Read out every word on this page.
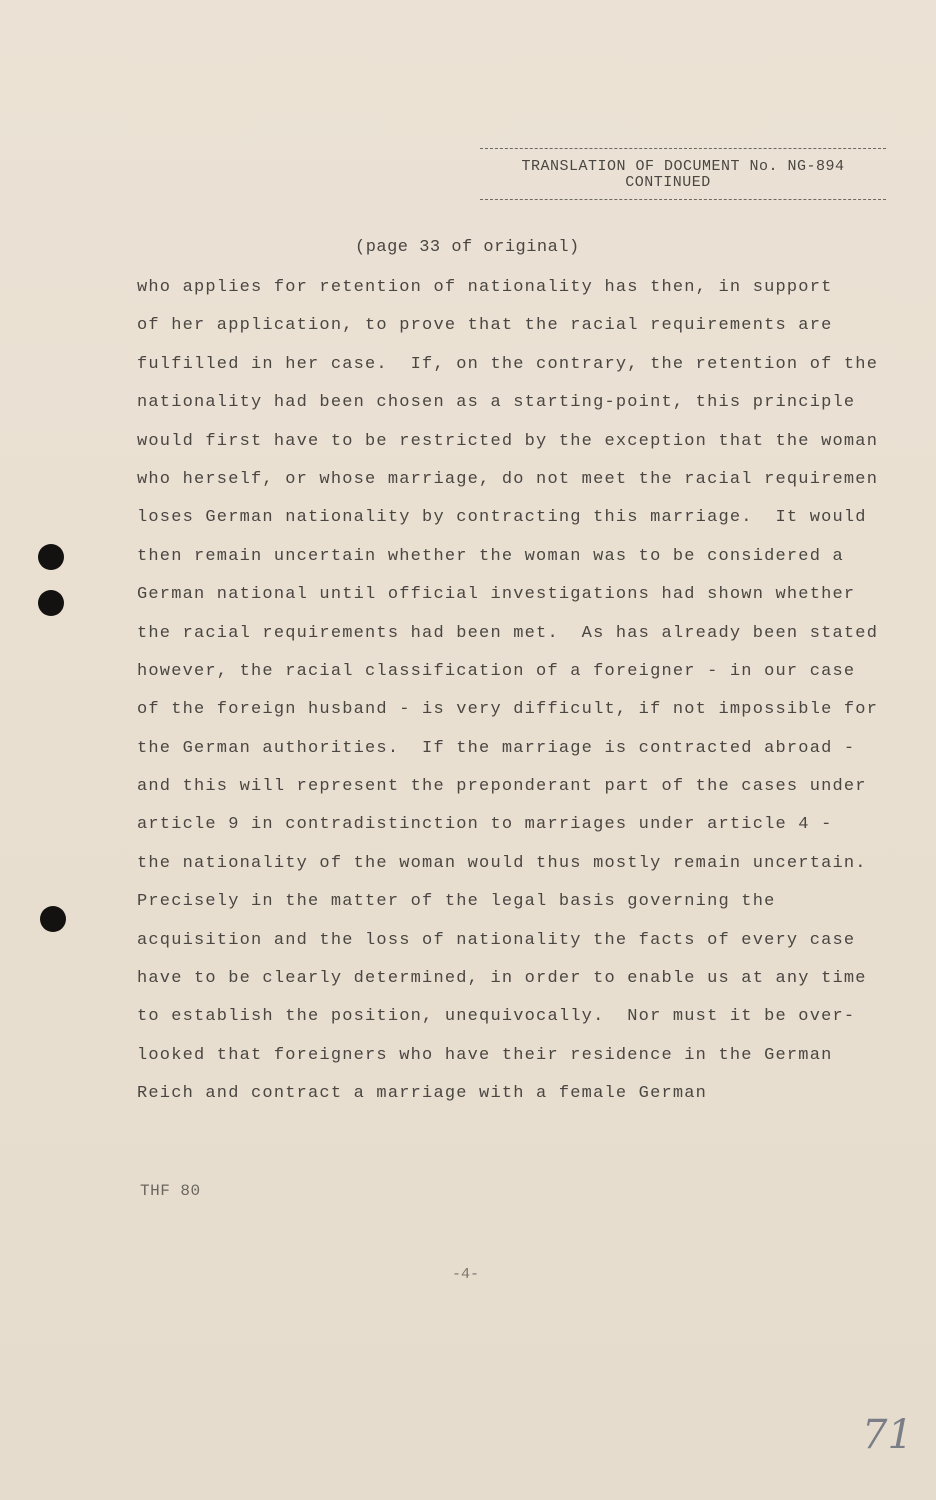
TRANSLATION OF DOCUMENT No. NG-894
CONTINUED
(page 33 of original)
who applies for retention of nationality has then, in support
of her application, to prove that the racial requirements are
fulfilled in her case.  If, on the contrary, the retention of the
nationality had been chosen as a starting-point, this principle
would first have to be restricted by the exception that the woman
who herself, or whose marriage, do not meet the racial requiremen
loses German nationality by contracting this marriage.  It would
then remain uncertain whether the woman was to be considered a
German national until official investigations had shown whether
the racial requirements had been met.  As has already been stated
however, the racial classification of a foreigner - in our case
of the foreign husband - is very difficult, if not impossible for
the German authorities.  If the marriage is contracted abroad -
and this will represent the preponderant part of the cases under
article 9 in contradistinction to marriages under article 4 -
the nationality of the woman would thus mostly remain uncertain.
Precisely in the matter of the legal basis governing the
acquisition and the loss of nationality the facts of every case
have to be clearly determined, in order to enable us at any time
to establish the position, unequivocally.  Nor must it be over-
looked that foreigners who have their residence in the German
Reich and contract a marriage with a female German
THF 80
-4-
71
